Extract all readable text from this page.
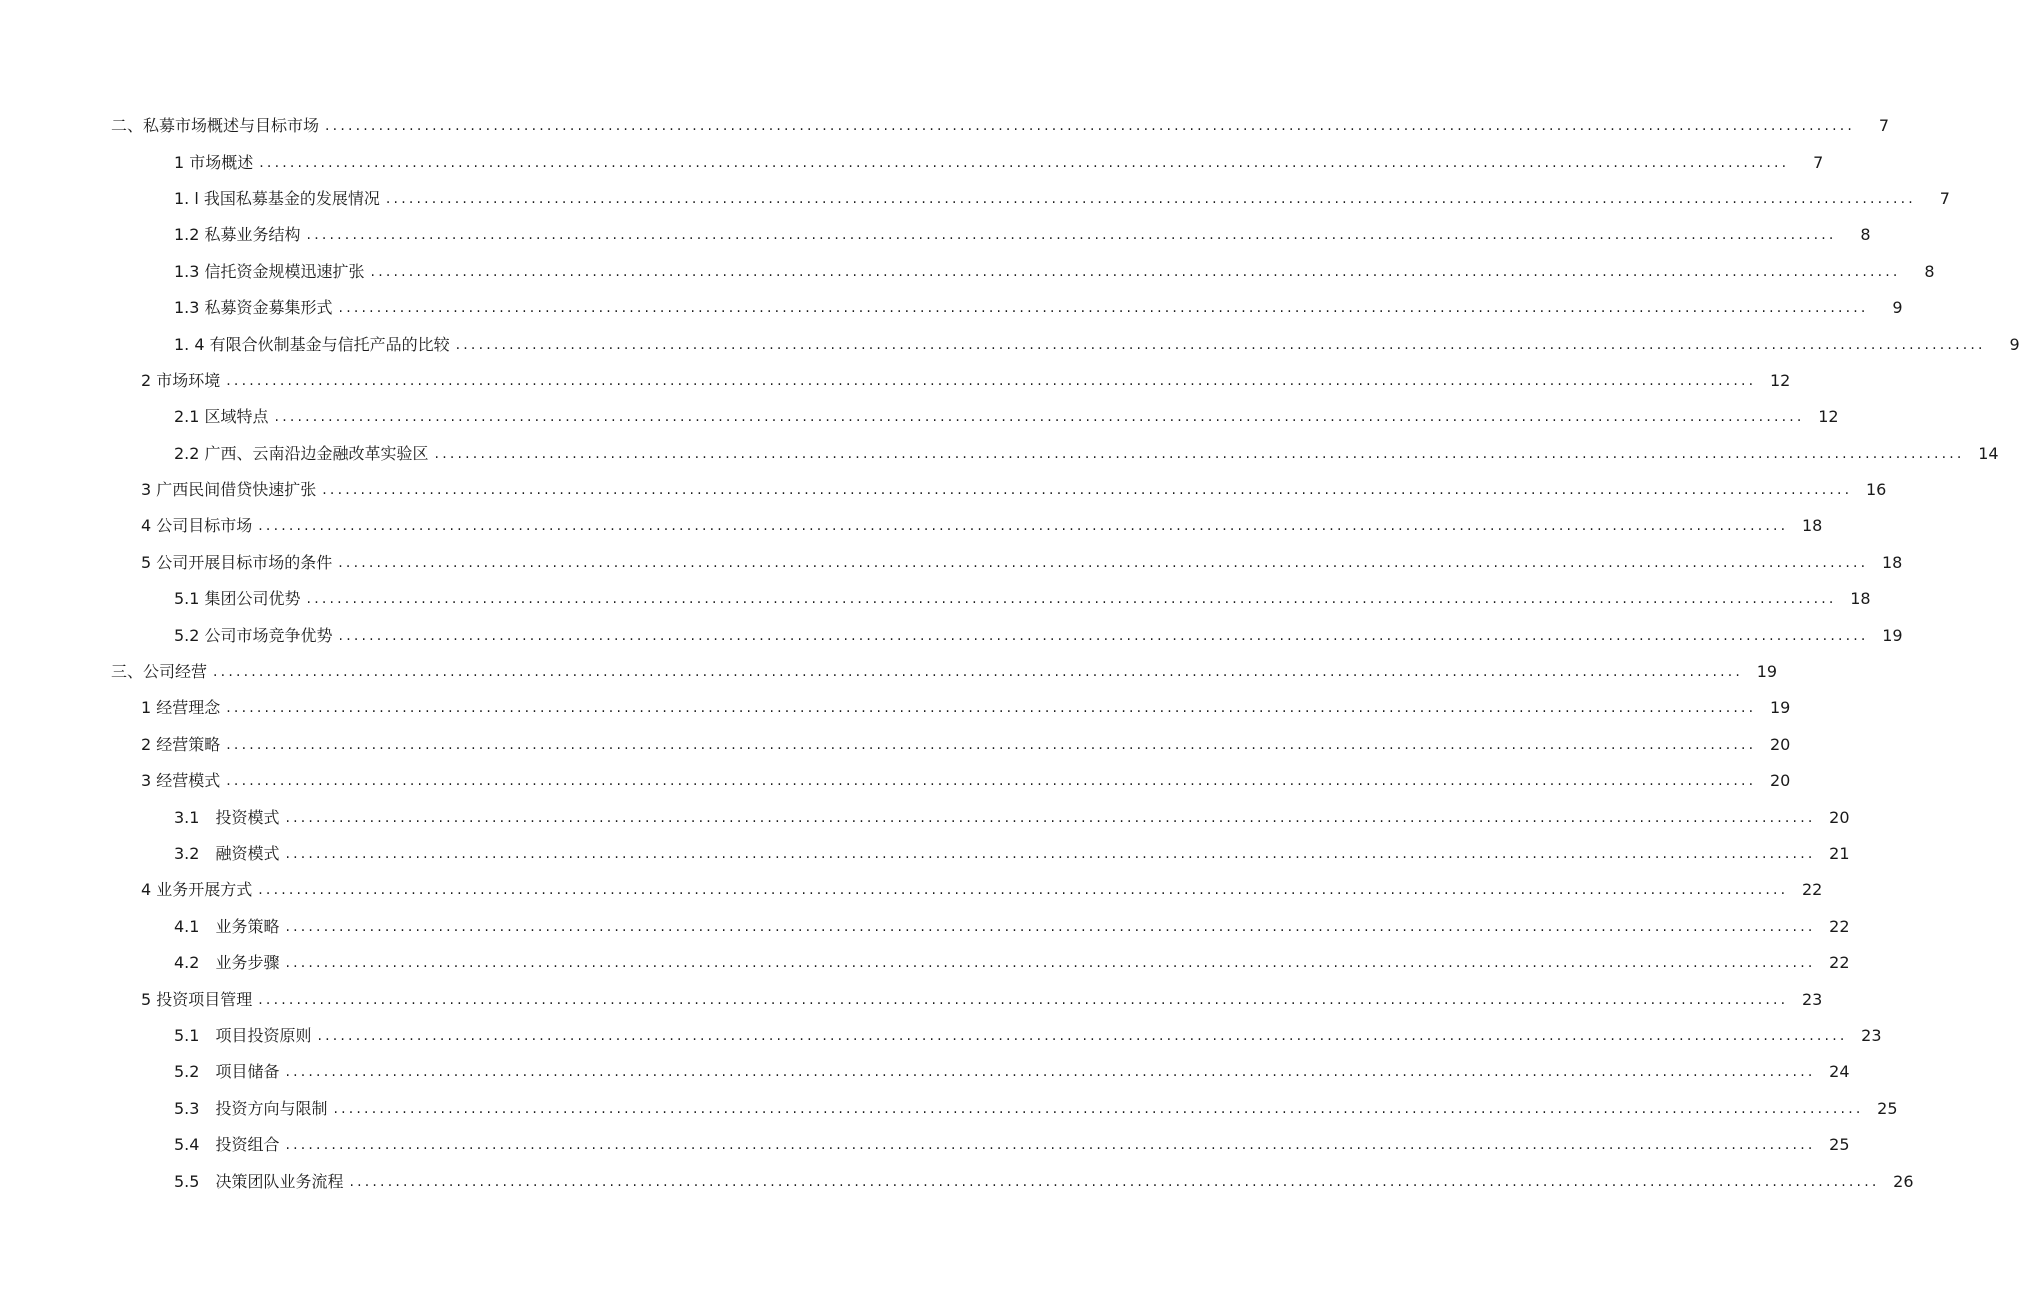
二、私募市场概述与目标市场 ........................................................................................................................................................................................................	7
1 市场概述 ........................................................................................................................................................................................................	7
1. l 我国私募基金的发展情况 ........................................................................................................................................................................................................	7
1.2 私募业务结构 ........................................................................................................................................................................................................	8
1.3 信托资金规模迅速扩张 ........................................................................................................................................................................................................	8
1.3 私募资金募集形式 ........................................................................................................................................................................................................	9
1. 4 有限合伙制基金与信托产品的比较 ........................................................................................................................................................................................................	9
2 市场环境 ........................................................................................................................................................................................................ 12
2.1 区域特点 ........................................................................................................................................................................................................ 12
2.2 广西、云南沿边金融改革实验区 ........................................................................................................................................................................................................ 14
3 广西民间借贷快速扩张 ........................................................................................................................................................................................................ 16
4 公司目标市场 ........................................................................................................................................................................................................ 18
5 公司开展目标市场的条件 ........................................................................................................................................................................................................ 18
5.1 集团公司优势 ........................................................................................................................................................................................................ 18
5.2 公司市场竞争优势 ........................................................................................................................................................................................................ 19
三、公司经营 ........................................................................................................................................................................................................ 19
1 经营理念 ........................................................................................................................................................................................................ 19
2 经营策略 ........................................................................................................................................................................................................ 20
3 经营模式 ........................................................................................................................................................................................................ 20
3.1　投资模式 ........................................................................................................................................................................................................ 20
3.2　融资模式 ........................................................................................................................................................................................................ 21
4 业务开展方式 ........................................................................................................................................................................................................ 22
4.1　业务策略 ........................................................................................................................................................................................................ 22
4.2　业务步骤 ........................................................................................................................................................................................................ 22
5 投资项目管理 ........................................................................................................................................................................................................ 23
5.1　项目投资原则 ........................................................................................................................................................................................................ 23
5.2　项目储备 ........................................................................................................................................................................................................ 24
5.3　投资方向与限制 ........................................................................................................................................................................................................ 25
5.4　投资组合 ........................................................................................................................................................................................................ 25
5.5　决策团队业务流程 ........................................................................................................................................................................................................ 26
